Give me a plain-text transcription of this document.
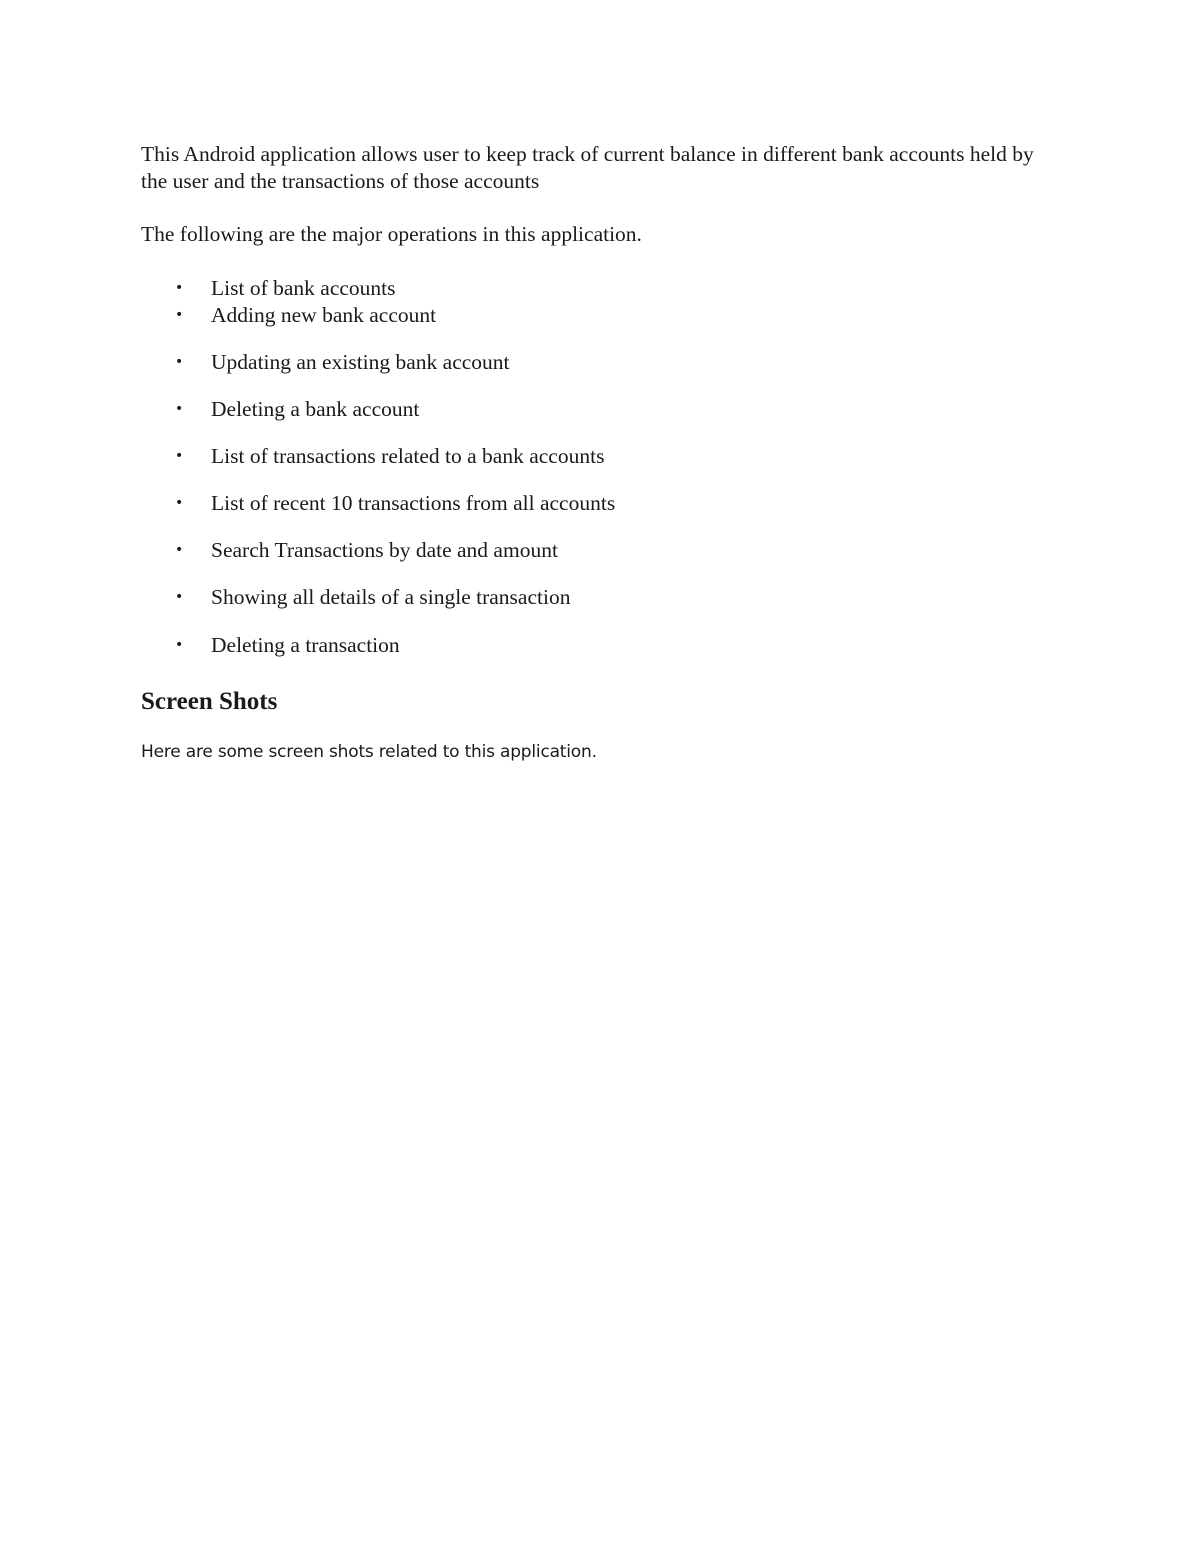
This Android application allows user to keep track of current balance in different bank accounts held by the user and the transactions of those accounts

The following are the major operations in this application.

• List of bank accounts
• Adding new bank account
• Updating an existing bank account
• Deleting a bank account
• List of transactions related to a bank accounts
• List of recent 10 transactions from all accounts
• Search Transactions by date and amount
• Showing all details of a single transaction
• Deleting a transaction
Screen Shots

Here are some screen shots related to this application.
